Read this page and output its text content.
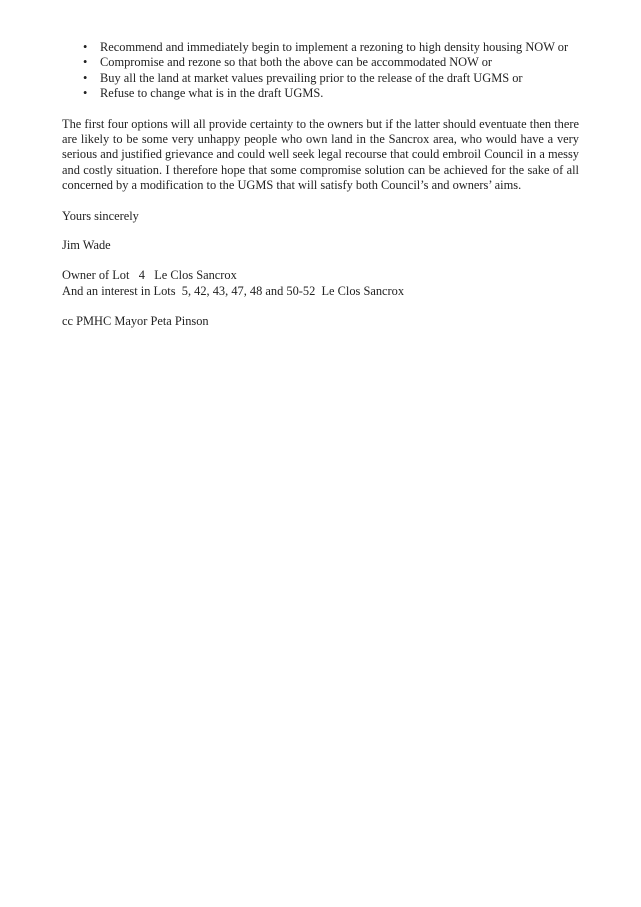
• Recommend and immediately begin to implement a rezoning to high density housing NOW or
• Compromise and rezone so that both the above can be accommodated NOW or
• Buy all the land at market values prevailing prior to the release of the draft UGMS or
• Refuse to change what is in the draft UGMS.

The first four options will all provide certainty to the owners but if the latter should eventuate then there are likely to be some very unhappy people who own land in the Sancrox area, who would have a very serious and justified grievance and could well seek legal recourse that could embroil Council in a messy and costly situation. I therefore hope that some compromise solution can be achieved for the sake of all concerned by a modification to the UGMS that will satisfy both Council’s and owners’ aims.

Yours sincerely

Jim Wade

Owner of Lot   4   Le Clos Sancrox

And an interest in Lots  5, 42, 43, 47, 48 and 50-52  Le Clos Sancrox

cc PMHC Mayor Peta Pinson
